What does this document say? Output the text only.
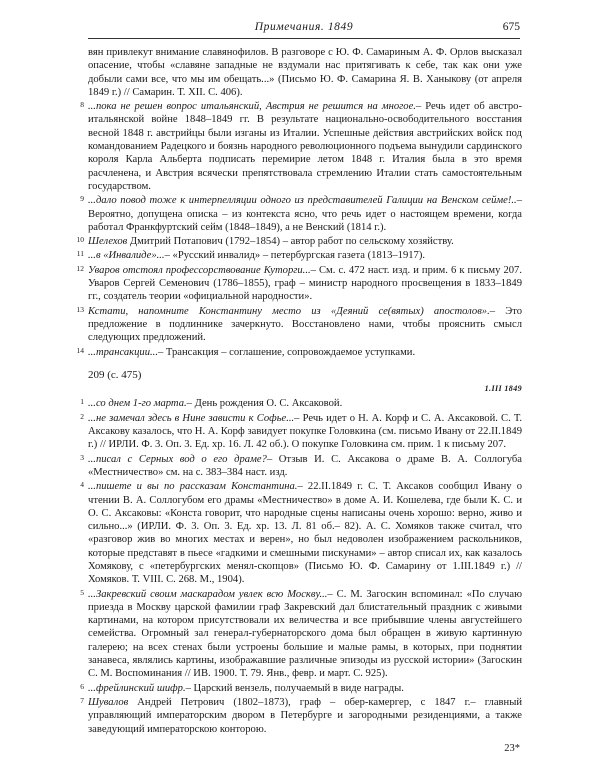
Примечания. 1849	675
вян привлекут внимание славянофилов. В разговоре с Ю. Ф. Самариным А. Ф. Орлов высказал опасение, чтобы «славяне западные не вздумали нас притягивать к себе, так как они уже добыли сами все, что мы им обещать...» (Письмо Ю. Ф. Самарина Я. В. Ханыкову (от апреля 1849 г.) // Самарин. Т. XII. С. 406).
8 ...пока не решен вопрос итальянский, Австрия не решится на многое.– Речь идет об австро-итальянской войне 1848–1849 гг. В результате национально-освободительного восстания весной 1848 г. австрийцы были изганы из Италии. Успешные действия австрийских войск под командованием Радецкого и боязнь народного революционного подъема вынудили сардинского короля Карла Альберта подписать перемирие летом 1848 г. Италия была в это время расчленена, и Австрия всячески препятствовала стремлению Италии стать самостоятельным государством.
9 ...дало повод тоже к интерпелляции одного из представителей Галиции на Венском сейме!..– Вероятно, допущена описка – из контекста ясно, что речь идет о настоящем времени, когда работал Франкфуртский сейм (1848–1849), а не Венский (1814 г.).
10 Шелехов Дмитрий Потапович (1792–1854) – автор работ по сельскому хозяйству.
11 ...в «Инвалиде»...– «Русский инвалид» – петербургская газета (1813–1917).
12 Уваров отстоял профессорствование Куторги...– См. с. 472 наст. изд. и прим. 6 к письму 207. Уваров Сергей Семенович (1786–1855), граф – министр народного просвещения в 1833–1849 гг., создатель теории «официальной народности».
13 Кстати, напомните Константину место из «Деяний се(вятых) апостолов».– Это предложение в подлиннике зачеркнуто. Восстановлено нами, чтобы прояснить смысл следующих предложений.
14 ...трансакции...– Трансакция – соглашение, сопровождаемое уступками.
209 (с. 475)
1.III 1849
1 ...со днем 1-го марта.– День рождения О. С. Аксаковой.
2 ...не замечал здесь в Нине зависти к Софье...– Речь идет о Н. А. Корф и С. А. Аксаковой. С. Т. Аксакову казалось, что Н. А. Корф завидует покупке Головкина (см. письмо Ивану от 22.II.1849 г.) // ИРЛИ. Ф. 3. Оп. 3. Ед. хр. 16. Л. 42 об.). О покупке Головкина см. прим. 1 к письму 207.
3 ...писал с Серных вод о его драме?– Отзыв И. С. Аксакова о драме В. А. Соллогуба «Местничество» см. на с. 383–384 наст. изд.
4 ...пишете и вы по рассказам Константина.– 22.II.1849 г. С. Т. Аксаков сообщил Ивану о чтении В. А. Соллогубом его драмы «Местничество» в доме А. И. Кошелева, где были К. С. и О. С. Аксаковы: «Конста говорит, что народные сцены написаны очень хорошо: верно, живо и сильно...» (ИРЛИ. Ф. 3. Оп. 3. Ед. хр. 13. Л. 81 об.– 82). А. С. Хомяков также считал, что «разговор жив во многих местах и верен», но был недоволен изображением раскольников, которые представят в пьесе «гадкими и смешными пискунами» – автор списал их, как казалось Хомякову, с «петербургских менял-скопцов» (Письмо Ю. Ф. Самарину от 1.III.1849 г.) // Хомяков. Т. VIII. С. 268. М., 1904).
5 ...Закревский своим маскарадом увлек всю Москву...– С. М. Загоскин вспоминал: «По случаю приезда в Москву царской фамилии граф Закревский дал блистательный праздник с живыми картинами, на котором присутствовали их величества и все прибывшие члены августейшего семейства. Огромный зал генерал-губернаторского дома был обращен в живую картинную галерею; на всех стенах были устроены большие и малые рамы, в которых, при поднятии занавеса, являлись картины, изображавшие различные эпизоды из русской истории» (Загоскин С. М. Воспоминания // ИВ. 1900. Т. 79. Янв., февр. и март. С. 925).
6 ...фрейлинский шифр.– Царский вензель, получаемый в виде награды.
7 Шувалов Андрей Петрович (1802–1873), граф – обер-камергер, с 1847 г.– главный управляющий императорским двором в Петербурге и загородными резиденциями, а также заведующий императорскою конторою.
23*
